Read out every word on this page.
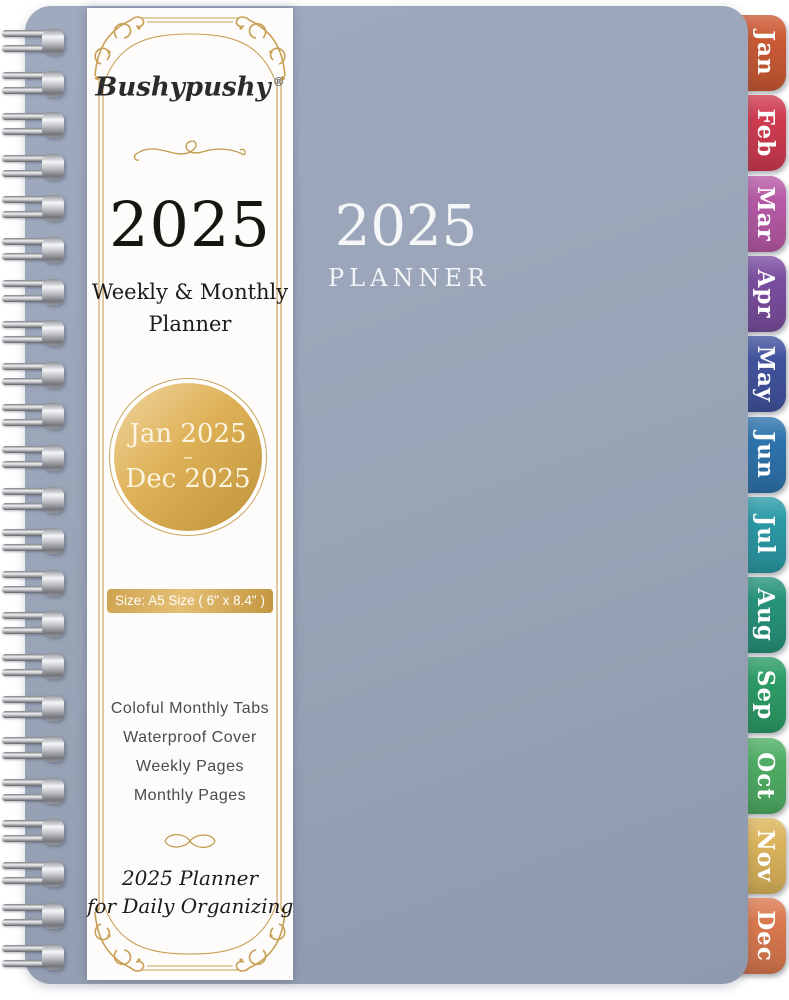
Jan
Feb
Mar
Apr
May
Jun
Jul
Aug
Sep
Oct
Nov
Dec
2025
PLANNER
Bushypushy ®
2025
Weekly & Monthly
Planner
Jan 2025
–
Dec 2025
Size: A5 Size ( 6" x 8.4" )
Coloful Monthly Tabs
Waterproof Cover
Weekly Pages
Monthly Pages
2025 Planner
for Daily Organizing
